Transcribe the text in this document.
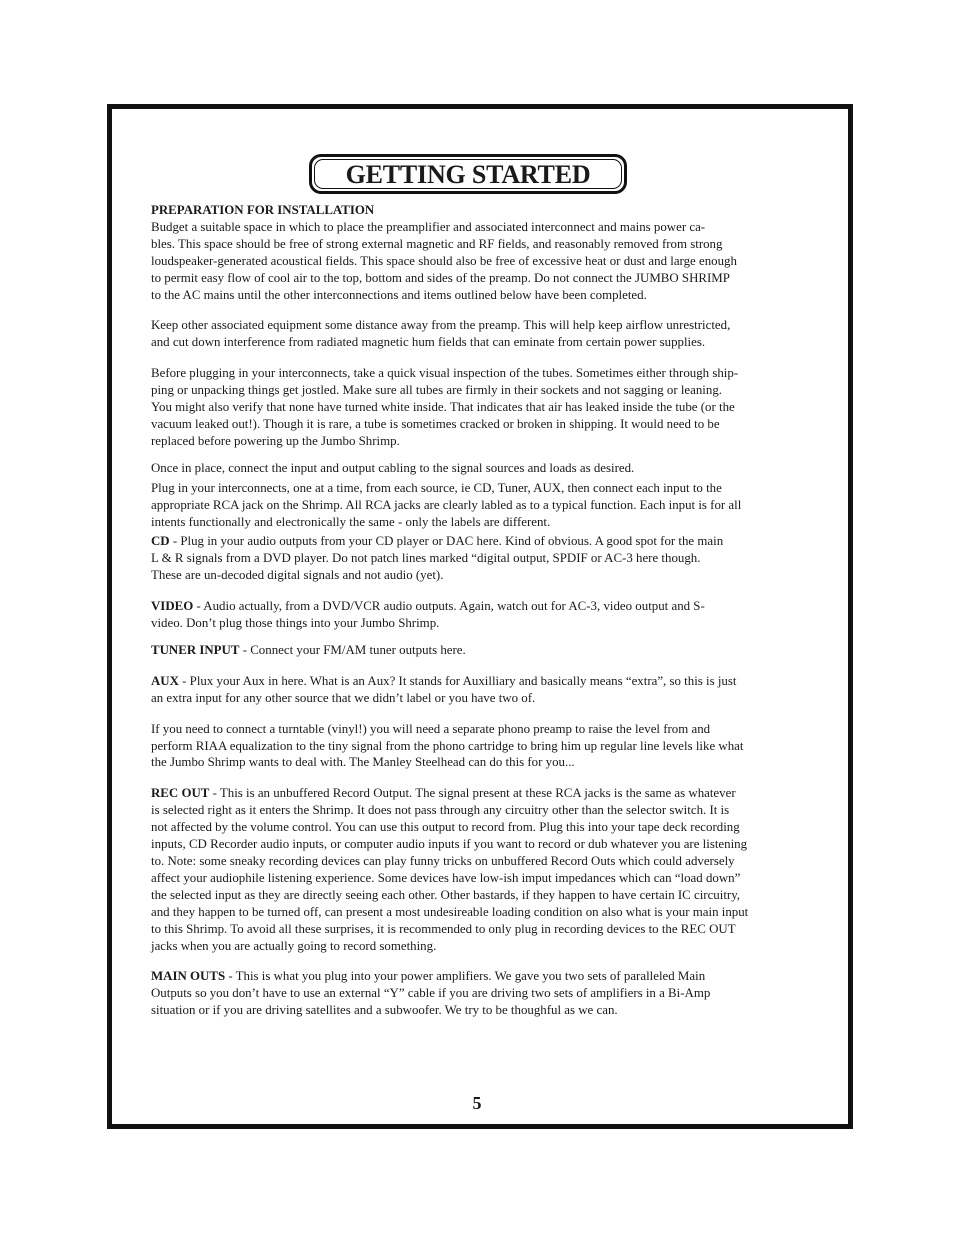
GETTING STARTED

PREPARATION FOR INSTALLATION

Budget a suitable space in which to place the preamplifier and associated interconnect and mains power ca-
bles. This space should be free of strong external magnetic and RF fields, and reasonably removed from strong
loudspeaker-generated acoustical fields. This space should also be free of excessive heat or dust and large enough
to permit easy flow of cool air to the top, bottom and sides of the preamp. Do not connect the JUMBO SHRIMP
to the AC mains until the other interconnections and items outlined below have been completed.

Keep other associated equipment some distance away from the preamp. This will help keep airflow unrestricted,
and cut down interference from radiated magnetic hum fields that can eminate from certain power supplies.

Before plugging in your interconnects, take a quick visual inspection of the tubes. Sometimes either through ship-
ping or unpacking things get jostled. Make sure all tubes are firmly in their sockets and not sagging or leaning.
You might also verify that none have turned white inside. That indicates that air has leaked inside the tube (or the
vacuum leaked out!). Though it is rare, a tube is sometimes cracked or broken in shipping. It would need to be
replaced before powering up the Jumbo Shrimp.

Once in place, connect the input and output cabling to the signal sources and loads as desired.

Plug in your interconnects, one at a time, from each source, ie CD, Tuner, AUX, then connect each input to the
appropriate RCA jack on the Shrimp. All RCA jacks are clearly labled as to a typical function. Each input is for all
intents functionally and electronically the same - only the labels are different.

CD - Plug in your audio outputs from your CD player or DAC here. Kind of obvious. A good spot for the main
L & R signals from a DVD player. Do not patch lines marked “digital output, SPDIF or AC-3 here though.
These are un-decoded digital signals and not audio (yet).

VIDEO - Audio actually, from a DVD/VCR audio outputs. Again, watch out for AC-3, video output and S-
video. Don’t plug those things into your Jumbo Shrimp.

TUNER INPUT - Connect your FM/AM tuner outputs here.

AUX - Plux your Aux in here. What is an Aux? It stands for Auxilliary and basically means “extra”, so this is just
an extra input for any other source that we didn’t label or you have two of.

If you need to connect a turntable (vinyl!) you will need a separate phono preamp to raise the level from and
perform RIAA equalization to the tiny signal from the phono cartridge to bring him up regular line levels like what
the Jumbo Shrimp wants to deal with. The Manley Steelhead can do this for you...

REC OUT - This is an unbuffered Record Output. The signal present at these RCA jacks is the same as whatever
is selected right as it enters the Shrimp. It does not pass through any circuitry other than the selector switch. It is
not affected by the volume control. You can use this output to record from. Plug this into your tape deck recording
inputs, CD Recorder audio inputs, or computer audio inputs if you want to record or dub whatever you are listening
to. Note: some sneaky recording devices can play funny tricks on unbuffered Record Outs which could adversely
affect your audiophile listening experience. Some devices have low-ish imput impedances which can “load down”
the selected input as they are directly seeing each other. Other bastards, if they happen to have certain IC circuitry,
and they happen to be turned off, can present a most undesireable loading condition on also what is your main input
to this Shrimp. To avoid all these surprises, it is recommended to only plug in recording devices to the REC OUT
jacks when you are actually going to record something.

MAIN OUTS - This is what you plug into your power amplifiers. We gave you two sets of paralleled Main
Outputs so you don’t have to use an external “Y” cable if you are driving two sets of amplifiers in a Bi-Amp
situation or if you are driving satellites and a subwoofer. We try to be thoughful as we can.

5
